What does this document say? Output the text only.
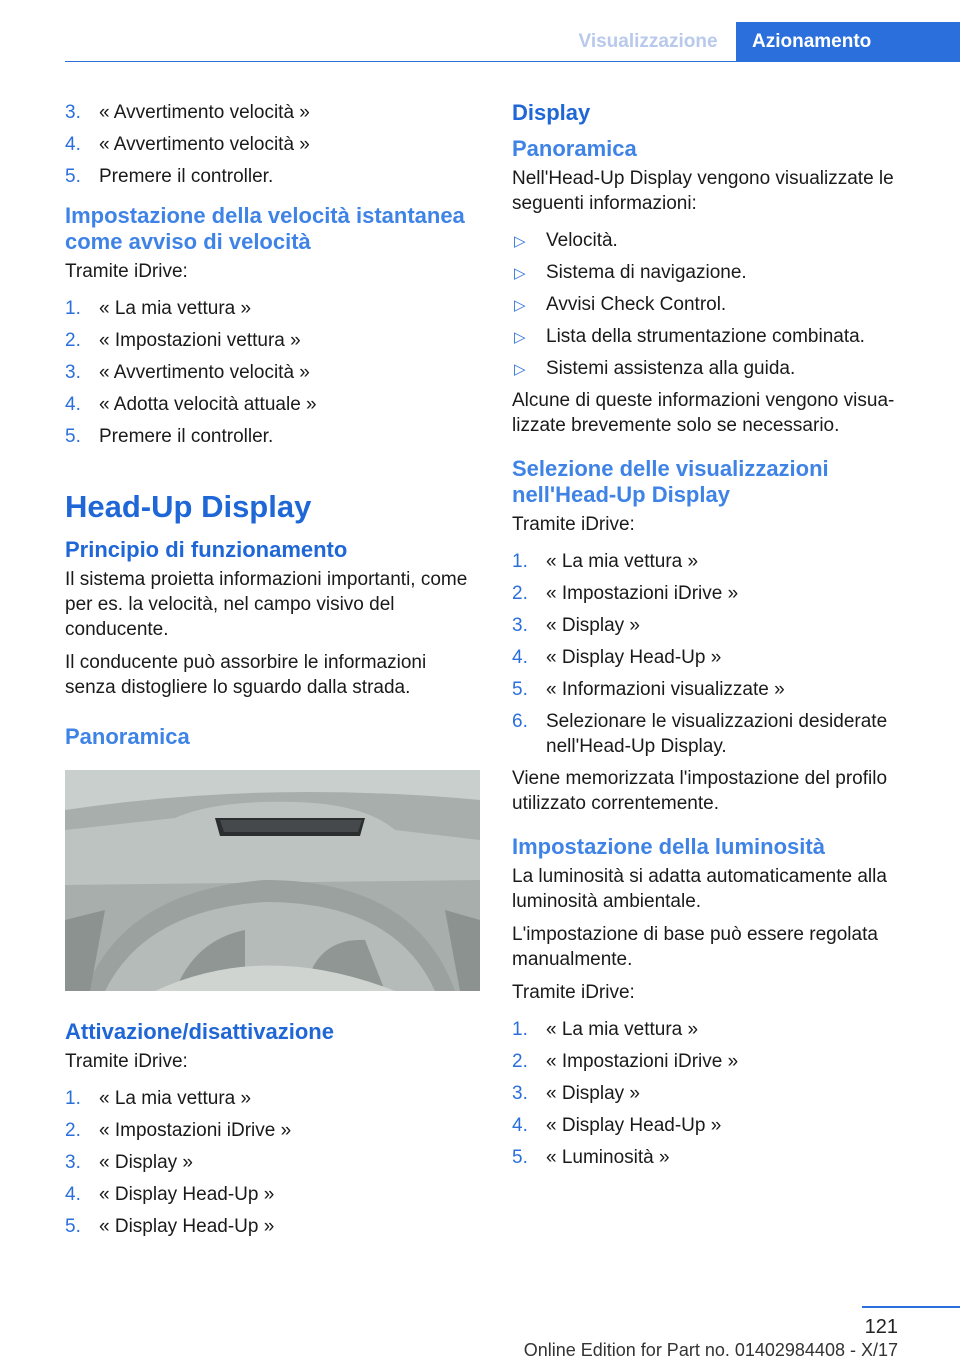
Visualizzazione	Azionamento
3. « Avvertimento velocità »
4. « Avvertimento velocità »
5. Premere il controller.
Impostazione della velocità istantanea come avviso di velocità

Tramite iDrive:

1. « La mia vettura »
2. « Impostazioni vettura »
3. « Avvertimento velocità »
4. « Adotta velocità attuale »
5. Premere il controller.
Head-Up Display
Principio di funzionamento

Il sistema proietta informazioni importanti, come per es. la velocità, nel campo visivo del conducente.

Il conducente può assorbire le informazioni senza distogliere lo sguardo dalla strada.

Panoramica
Attivazione/disattivazione

Tramite iDrive:

1. « La mia vettura »
2. « Impostazioni iDrive »
3. « Display »
4. « Display Head-Up »
5. « Display Head-Up »
Display
Panoramica

Nell'Head-Up Display vengono visualizzate le seguenti informazioni:

▷ Velocità.
▷ Sistema di navigazione.
▷ Avvisi Check Control.
▷ Lista della strumentazione combinata.
▷ Sistemi assistenza alla guida.

Alcune di queste informazioni vengono visualizzate brevemente solo se necessario.

Selezione delle visualizzazioni nell'Head-Up Display

Tramite iDrive:

1. « La mia vettura »
2. « Impostazioni iDrive »
3. « Display »
4. « Display Head-Up »
5. « Informazioni visualizzate »
6. Selezionare le visualizzazioni desiderate nell'Head-Up Display.

Viene memorizzata l'impostazione del profilo utilizzato correntemente.

Impostazione della luminosità

La luminosità si adatta automaticamente alla luminosità ambientale.

L'impostazione di base può essere regolata manualmente.

Tramite iDrive:

1. « La mia vettura »
2. « Impostazioni iDrive »
3. « Display »
4. « Display Head-Up »
5. « Luminosità »
121
Online Edition for Part no. 01402984408 - X/17
